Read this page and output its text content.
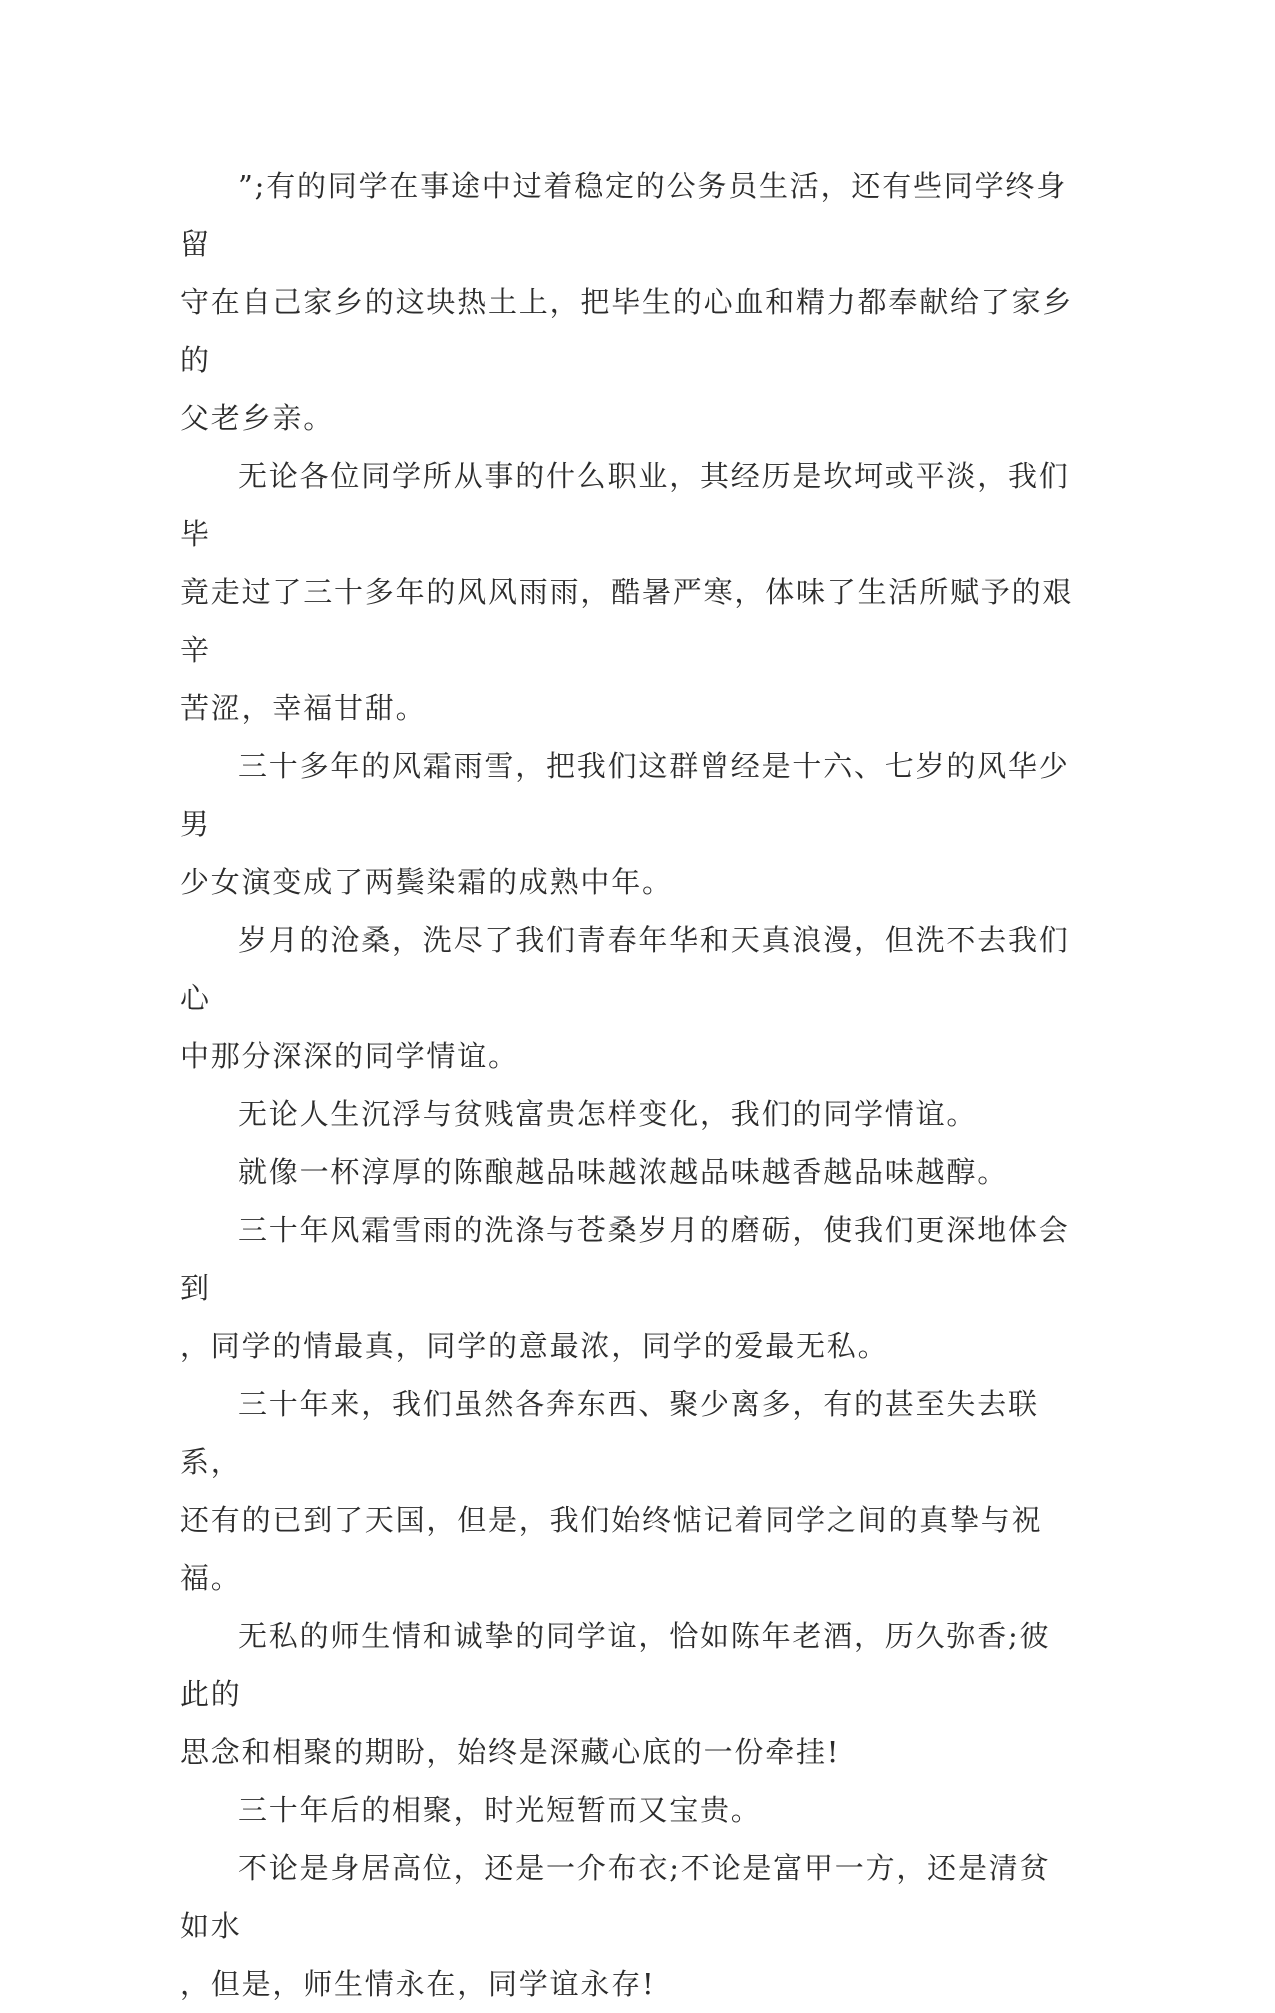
”;有的同学在事途中过着稳定的公务员生活，还有些同学终身留
守在自己家乡的这块热土上，把毕生的心血和精力都奉献给了家乡的
父老乡亲。

无论各位同学所从事的什么职业，其经历是坎坷或平淡，我们毕
竟走过了三十多年的风风雨雨，酷暑严寒，体味了生活所赋予的艰辛
苦涩，幸福甘甜。

三十多年的风霜雨雪，把我们这群曾经是十六、七岁的风华少男
少女演变成了两鬓染霜的成熟中年。

岁月的沧桑，洗尽了我们青春年华和天真浪漫，但洗不去我们心
中那分深深的同学情谊。

无论人生沉浮与贫贱富贵怎样变化，我们的同学情谊。

就像一杯淳厚的陈酿越品味越浓越品味越香越品味越醇。

三十年风霜雪雨的洗涤与苍桑岁月的磨砺，使我们更深地体会到
，同学的情最真，同学的意最浓，同学的爱最无私。

三十年来，我们虽然各奔东西、聚少离多，有的甚至失去联系，
还有的已到了天国，但是，我们始终惦记着同学之间的真挚与祝福。

无私的师生情和诚挚的同学谊，恰如陈年老酒，历久弥香;彼此的
思念和相聚的期盼，始终是深藏心底的一份牵挂!

三十年后的相聚，时光短暂而又宝贵。

不论是身居高位，还是一介布衣;不论是富甲一方，还是清贫如水
，但是，师生情永在，同学谊永存!
